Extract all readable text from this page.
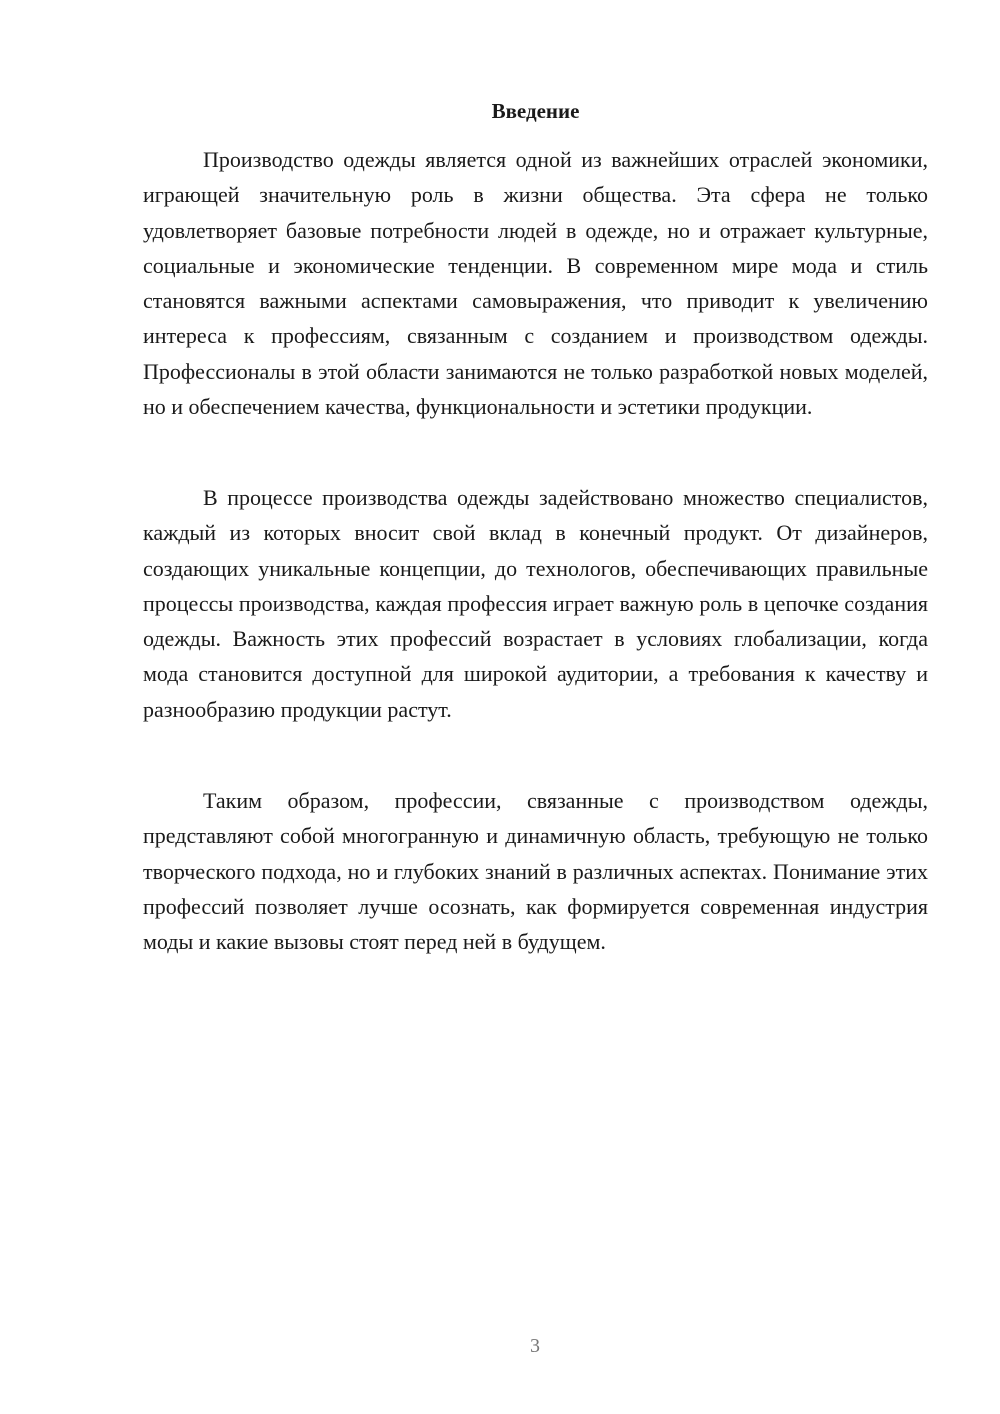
Введение

Производство одежды является одной из важнейших отраслей экономики, играющей значительную роль в жизни общества. Эта сфера не только удовлетворяет базовые потребности людей в одежде, но и отражает культурные, социальные и экономические тенденции. В современном мире мода и стиль становятся важными аспектами самовыражения, что приводит к увеличению интереса к профессиям, связанным с созданием и производством одежды. Профессионалы в этой области занимаются не только разработкой новых моделей, но и обеспечением качества, функциональности и эстетики продукции.

В процессе производства одежды задействовано множество специалистов, каждый из которых вносит свой вклад в конечный продукт. От дизайнеров, создающих уникальные концепции, до технологов, обеспечивающих правильные процессы производства, каждая профессия играет важную роль в цепочке создания одежды. Важность этих профессий возрастает в условиях глобализации, когда мода становится доступной для широкой аудитории, а требования к качеству и разнообразию продукции растут.

Таким образом, профессии, связанные с производством одежды, представляют собой многогранную и динамичную область, требующую не только творческого подхода, но и глубоких знаний в различных аспектах. Понимание этих профессий позволяет лучше осознать, как формируется современная индустрия моды и какие вызовы стоят перед ней в будущем.

3
